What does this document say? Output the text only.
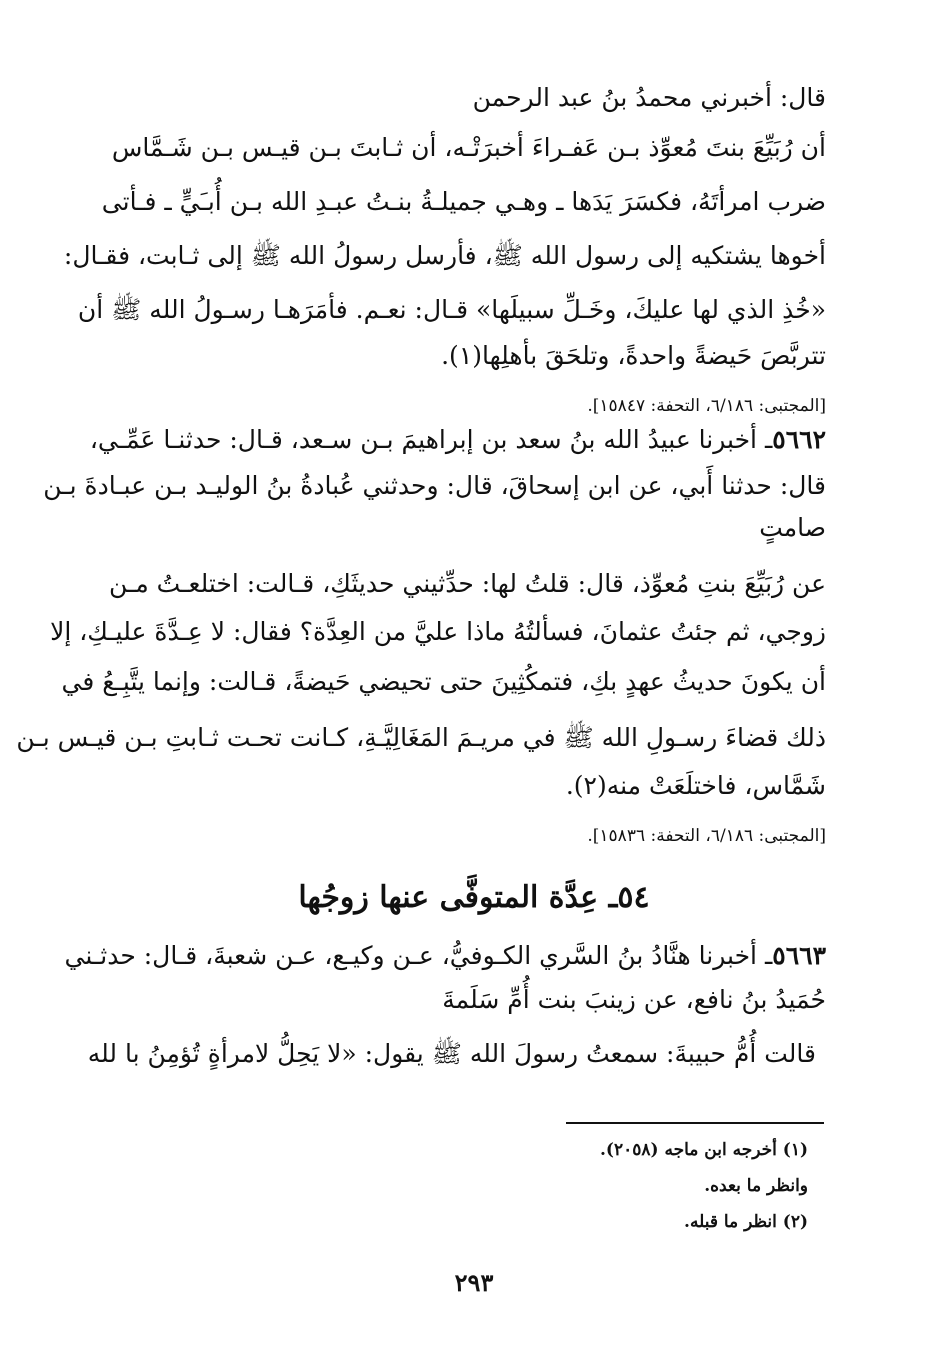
قال: أخبرني محمدُ بنُ عبد الرحمن
أن رُبَيِّعَ بنتَ مُعوِّذ بـن عَفـراءَ أخبرَتْـه، أن ثـابتَ بـن قيـس بـن شَـمَّاس
ضرب امرأتَهُ، فكسَرَ يَدَها ـ وهـي جميلـةُ بنـتُ عبـدِ الله بـن أُبـَيٍّ ـ فـأتى
أخوها يشتكيه إلى رسول الله ﷺ، فأرسل رسولُ الله ﷺ إلى ثـابت، فقـال:
«خُذِ الذي لها عليكَ، وخَـلِّ سبيلَها» قـال: نعـم. فأمَرَهـا رسـولُ الله ﷺ أن
تتربَّصَ حَيضةً واحدةً، وتلحَقَ بأهلِها(١).
[المجتبى: ٦/١٨٦، التحفة: ١٥٨٤٧].
٥٦٦٢ـ أخبرنا عبيدُ الله بنُ سعد بن إبراهيمَ بـن سـعد، قـال: حدثنـا عَمِّـي،
قال: حدثنا أَبي، عن ابن إسحاقَ، قال: وحدثني عُبادةُ بنُ الوليـد بـن عبـادةَ بـن
صامتٍ
عن رُبَيِّعَ بنتِ مُعوِّذ، قال: قلتُ لها: حدِّثيني حديثَكِ، قـالت: اختلعـتُ مـن
زوجي، ثم جئتُ عثمانَ، فسألتُهُ ماذا عليَّ من العِدَّة؟ فقال: لا عِـدَّةَ عليـكِ، إلا
أن يكونَ حديثُ عهدٍ بكِ، فتمكُثِينَ حتى تحيضي حَيضةً، قـالت: وإنما يتَّبِـعُ في
ذلك قضاءَ رسـولِ الله ﷺ في مريـمَ المَغَالِيَّـةِ، كـانت تحـت ثـابتِ بـن قيـس بـن
شَمَّاس، فاختلَعَتْ منه(٢).
[المجتبى: ٦/١٨٦، التحفة: ١٥٨٣٦].
٥٤ـ عِدَّة المتوفَّى عنها زوجُها
٥٦٦٣ـ أخبرنا هنَّادُ بنُ السَّري الكـوفيُّ، عـن وكيـع، عـن شعبةَ، قـال: حدثـني
حُمَيدُ بنُ نافع، عن زينبَ بنت أُمِّ سَلَمةَ
قالت أُمُّ حبيبةَ: سمعتُ رسولَ الله ﷺ يقول: «لا يَحِلُّ لامرأةٍ تُؤمِنُ با لله
(١) أخرجه ابن ماجه (٢٠٥٨).
وانظر ما بعده.
(٢) انظر ما قبله.
٢٩٣
